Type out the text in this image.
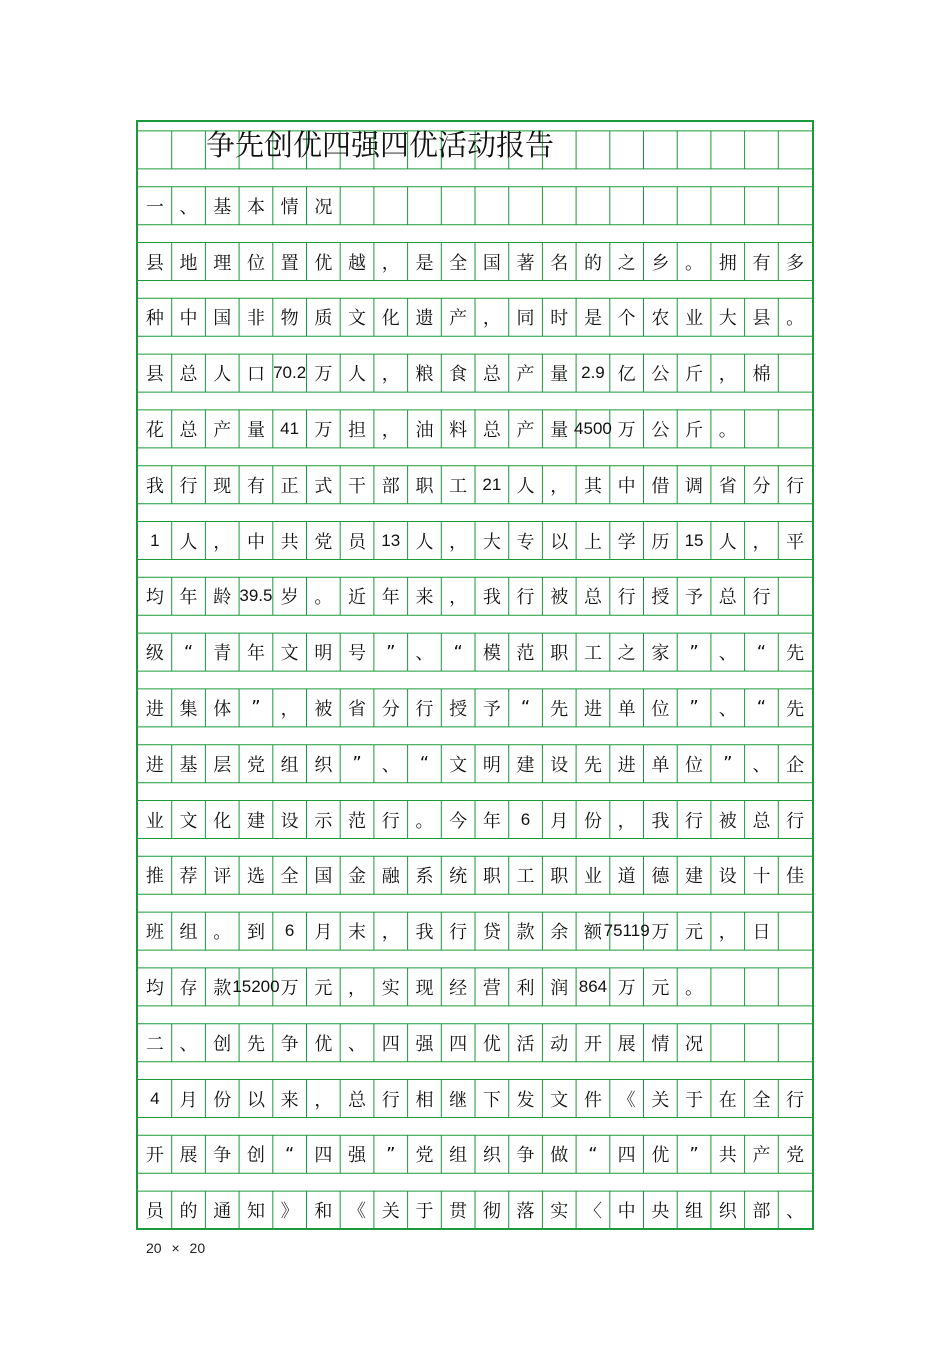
争先创优四强四优活动报告
一 、 基 本 情 况
县 地 理 位 置 优 越 ， 是 全 国 著 名 的 之 乡 。 拥 有 多
种 中 国 非 物 质 文 化 遗 产 ， 同 时 是 个 农 业 大 县 。
县 总 人 口 70.2 万 人 ， 粮 食 总 产 量 2.9 亿 公 斤 ， 棉
花 总 产 量 41 万 担 ， 油 料 总 产 量 4500 万 公 斤 。
我 行 现 有 正 式 干 部 职 工 21 人 ， 其 中 借 调 省 分 行
1	人 ， 中 共 党 员 13 人 ， 大 专 以 上 学 历 15 人 ， 平
均 年 龄 39.5 岁 。 近 年 来 ， 我 行 被 总 行 授 予 总 行
级	“	青 年 文 明 号	”	、	“	模 范 职 工 之 家	”	、	“	先
进 集 体	”	， 被 省 分 行 授 予	“	先 进 单 位	”	、	“	先
进 基 层 党 组 织	”	、	“	文 明 建 设 先 进 单 位	”	、 企
业 文 化 建 设 示 范 行 。 今 年	6	月 份 ， 我 行 被 总 行
推 荐 评 选 全 国 金 融 系 统 职 工 职 业 道 德 建 设 十 佳
班 组 。 到	6	月 末 ， 我 行 贷 款 余 额 75119 万 元 ， 日
均 存 款 15200 万 元 ， 实 现 经 营 利 润 864 万 元 。
二 、 创 先 争 优 、 四 强 四 优 活 动 开 展 情 况
4	月 份 以 来 ， 总 行 相 继 下 发 文 件 《 关 于 在 全 行
开 展 争 创	“	四 强	”	党 组 织 争 做	“	四 优	”	共 产 党
员 的 通 知 》 和 《 关 于 贯 彻 落 实 〈 中 央 组 织 部 、
20 × 20
